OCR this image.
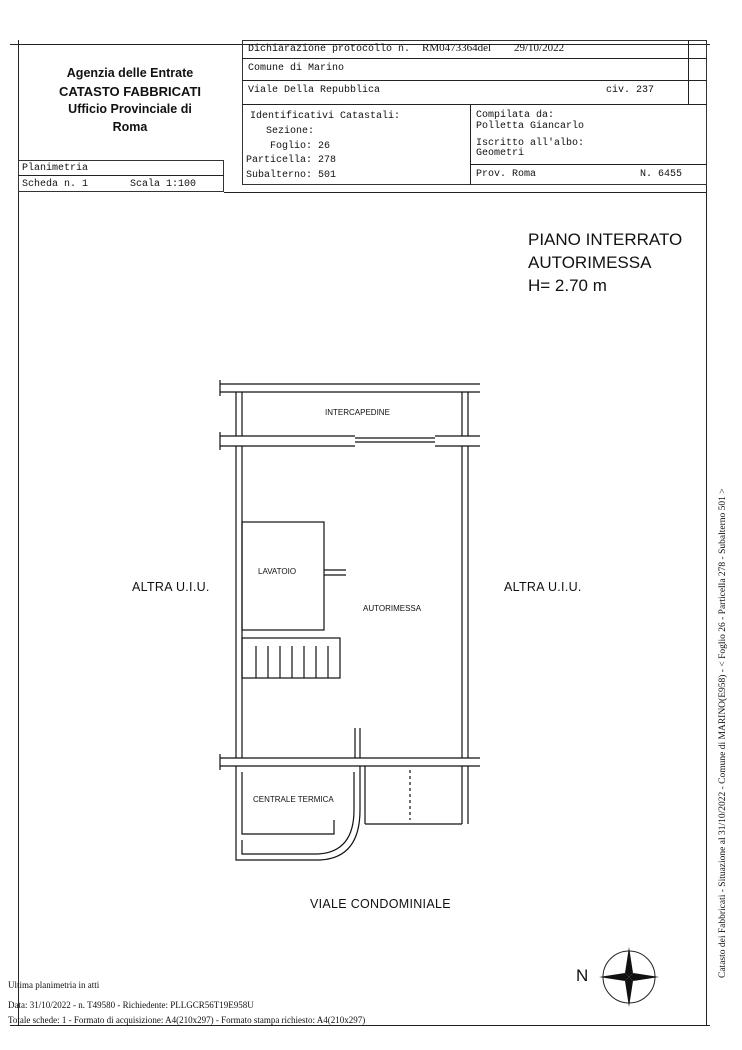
Agenzia delle Entrate
CATASTO FABBRICATI
Ufficio Provinciale di
Roma
Dichiarazione protocollo n. RM0473364del 29/10/2022
Comune di Marino
Viale Della Repubblica	civ. 237
Identificativi Catastali:
Sezione:
Foglio: 26
Particella: 278
Subalterno: 501
Compilata da:
Polletta Giancarlo
Iscritto all'albo:
Geometri
Prov. Roma	N. 6455
Planimetria
Scheda n. 1	Scala 1:100
PIANO INTERRATO
AUTORIMESSA
H= 2.70 m
INTERCAPEDINE
LAVATOIO
AUTORIMESSA
CENTRALE TERMICA
ALTRA U.I.U.	ALTRA U.I.U.
VIALE CONDOMINIALE
N
Ultima planimetria in atti
Data: 31/10/2022 - n. T49580 - Richiedente: PLLGCR56T19E958U
Totale schede: 1 - Formato di acquisizione: A4(210x297) - Formato stampa richiesto: A4(210x297)
Catasto dei Fabbricati - Situazione al 31/10/2022 - Comune di MARINO(E958) - < Foglio 26 - Particella 278 - Subalterno 501 >
